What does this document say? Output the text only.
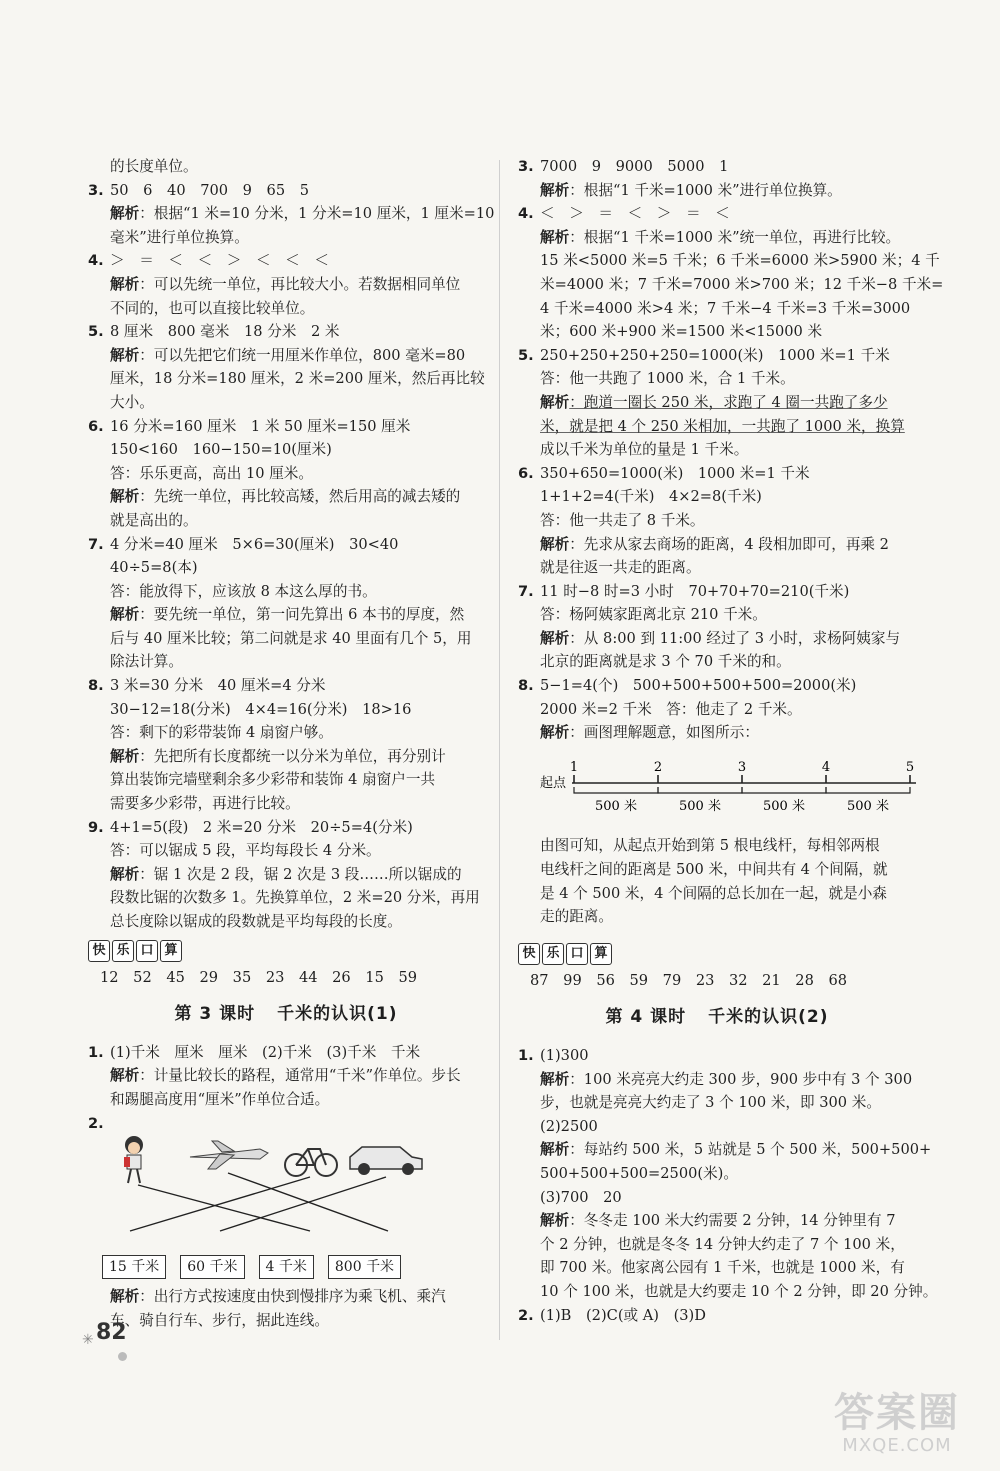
的长度单位。
3. 50　6　40　700　9　65　5
解析：根据“1 米=10 分米，1 分米=10 厘米，1 厘米=10
毫米”进行单位换算。
4. ＞　＝　＜　＜　＞　＜　＜　＜
解析：可以先统一单位，再比较大小。若数据相同单位
不同的，也可以直接比较单位。
5. 8 厘米　800 毫米　18 分米　2 米
解析：可以先把它们统一用厘米作单位，800 毫米=80
厘米，18 分米=180 厘米，2 米=200 厘米，然后再比较
大小。
6. 16 分米=160 厘米　1 米 50 厘米=150 厘米
150<160　160−150=10(厘米)
答：乐乐更高，高出 10 厘米。
解析：先统一单位，再比较高矮，然后用高的减去矮的
就是高出的。
7. 4 分米=40 厘米　5×6=30(厘米)　30<40
40÷5=8(本)
答：能放得下，应该放 8 本这么厚的书。
解析：要先统一单位，第一问先算出 6 本书的厚度，然
后与 40 厘米比较；第二问就是求 40 里面有几个 5，用
除法计算。
8. 3 米=30 分米　40 厘米=4 分米
30−12=18(分米)　4×4=16(分米)　18>16
答：剩下的彩带装饰 4 扇窗户够。
解析：先把所有长度都统一以分米为单位，再分别计
算出装饰完墙壁剩余多少彩带和装饰 4 扇窗户一共
需要多少彩带，再进行比较。
9. 4+1=5(段)　2 米=20 分米　20÷5=4(分米)
答：可以锯成 5 段，平均每段长 4 分米。
解析：锯 1 次是 2 段，锯 2 次是 3 段……所以锯成的
段数比锯的次数多 1。先换算单位，2 米=20 分米，再用
总长度除以锯成的段数就是平均每段的长度。
快 乐 口 算
12　52　45　29　35　23　44　26　15　59
第 3 课时 千米的认识(1)
1. (1)千米　厘米　厘米　(2)千米　(3)千米　千米
解析：计量比较长的路程，通常用“千米”作单位。步长
和踢腿高度用“厘米”作单位合适。
2.
15 千米	60 千米	4 千米	800 千米
解析：出行方式按速度由快到慢排序为乘飞机、乘汽
车、骑自行车、步行，据此连线。
3. 7000　9　9000　5000　1
解析：根据“1 千米=1000 米”进行单位换算。
4. ＜　＞　＝　＜　＞　＝　＜
解析：根据“1 千米=1000 米”统一单位，再进行比较。
15 米<5000 米=5 千米；6 千米=6000 米>5900 米；4 千
米=4000 米；7 千米=7000 米>700 米；12 千米−8 千米=
4 千米=4000 米>4 米；7 千米−4 千米=3 千米=3000
米；600 米+900 米=1500 米<15000 米
5. 250+250+250+250=1000(米)　1000 米=1 千米
答：他一共跑了 1000 米，合 1 千米。
解析：跑道一圈长 250 米，求跑了 4 圈一共跑了多少
米，就是把 4 个 250 米相加，一共跑了 1000 米，换算
成以千米为单位的量是 1 千米。
6. 350+650=1000(米)　1000 米=1 千米
1+1+2=4(千米)　4×2=8(千米)
答：他一共走了 8 千米。
解析：先求从家去商场的距离，4 段相加即可，再乘 2
就是往返一共走的距离。
7. 11 时−8 时=3 小时　70+70+70=210(千米)
答：杨阿姨家距离北京 210 千米。
解析：从 8:00 到 11:00 经过了 3 小时，求杨阿姨家与
北京的距离就是求 3 个 70 千米的和。
8. 5−1=4(个)　500+500+500+500=2000(米)
2000 米=2 千米　答：他走了 2 千米。
解析：画图理解题意，如图所示：
起点
1	2	3	4	5
500 米	500 米	500 米	500 米
由图可知，从起点开始到第 5 根电线杆，每相邻两根
电线杆之间的距离是 500 米，中间共有 4 个间隔，就
是 4 个 500 米，4 个间隔的总长加在一起，就是小森
走的距离。
快 乐 口 算
87　99　56　59　79　23　32　21　28　68
第 4 课时 千米的认识(2)
1. (1)300
解析：100 米亮亮大约走 300 步，900 步中有 3 个 300
步，也就是亮亮大约走了 3 个 100 米，即 300 米。
(2)2500
解析：每站约 500 米，5 站就是 5 个 500 米，500+500+
500+500+500=2500(米)。
(3)700　20
解析：冬冬走 100 米大约需要 2 分钟，14 分钟里有 7
个 2 分钟，也就是冬冬 14 分钟大约走了 7 个 100 米，
即 700 米。他家离公园有 1 千米，也就是 1000 米，有
10 个 100 米，也就是大约要走 10 个 2 分钟，即 20 分钟。
2. (1)B　(2)C(或 A)　(3)D
✳ 82
答案圈
MXQE.COM
